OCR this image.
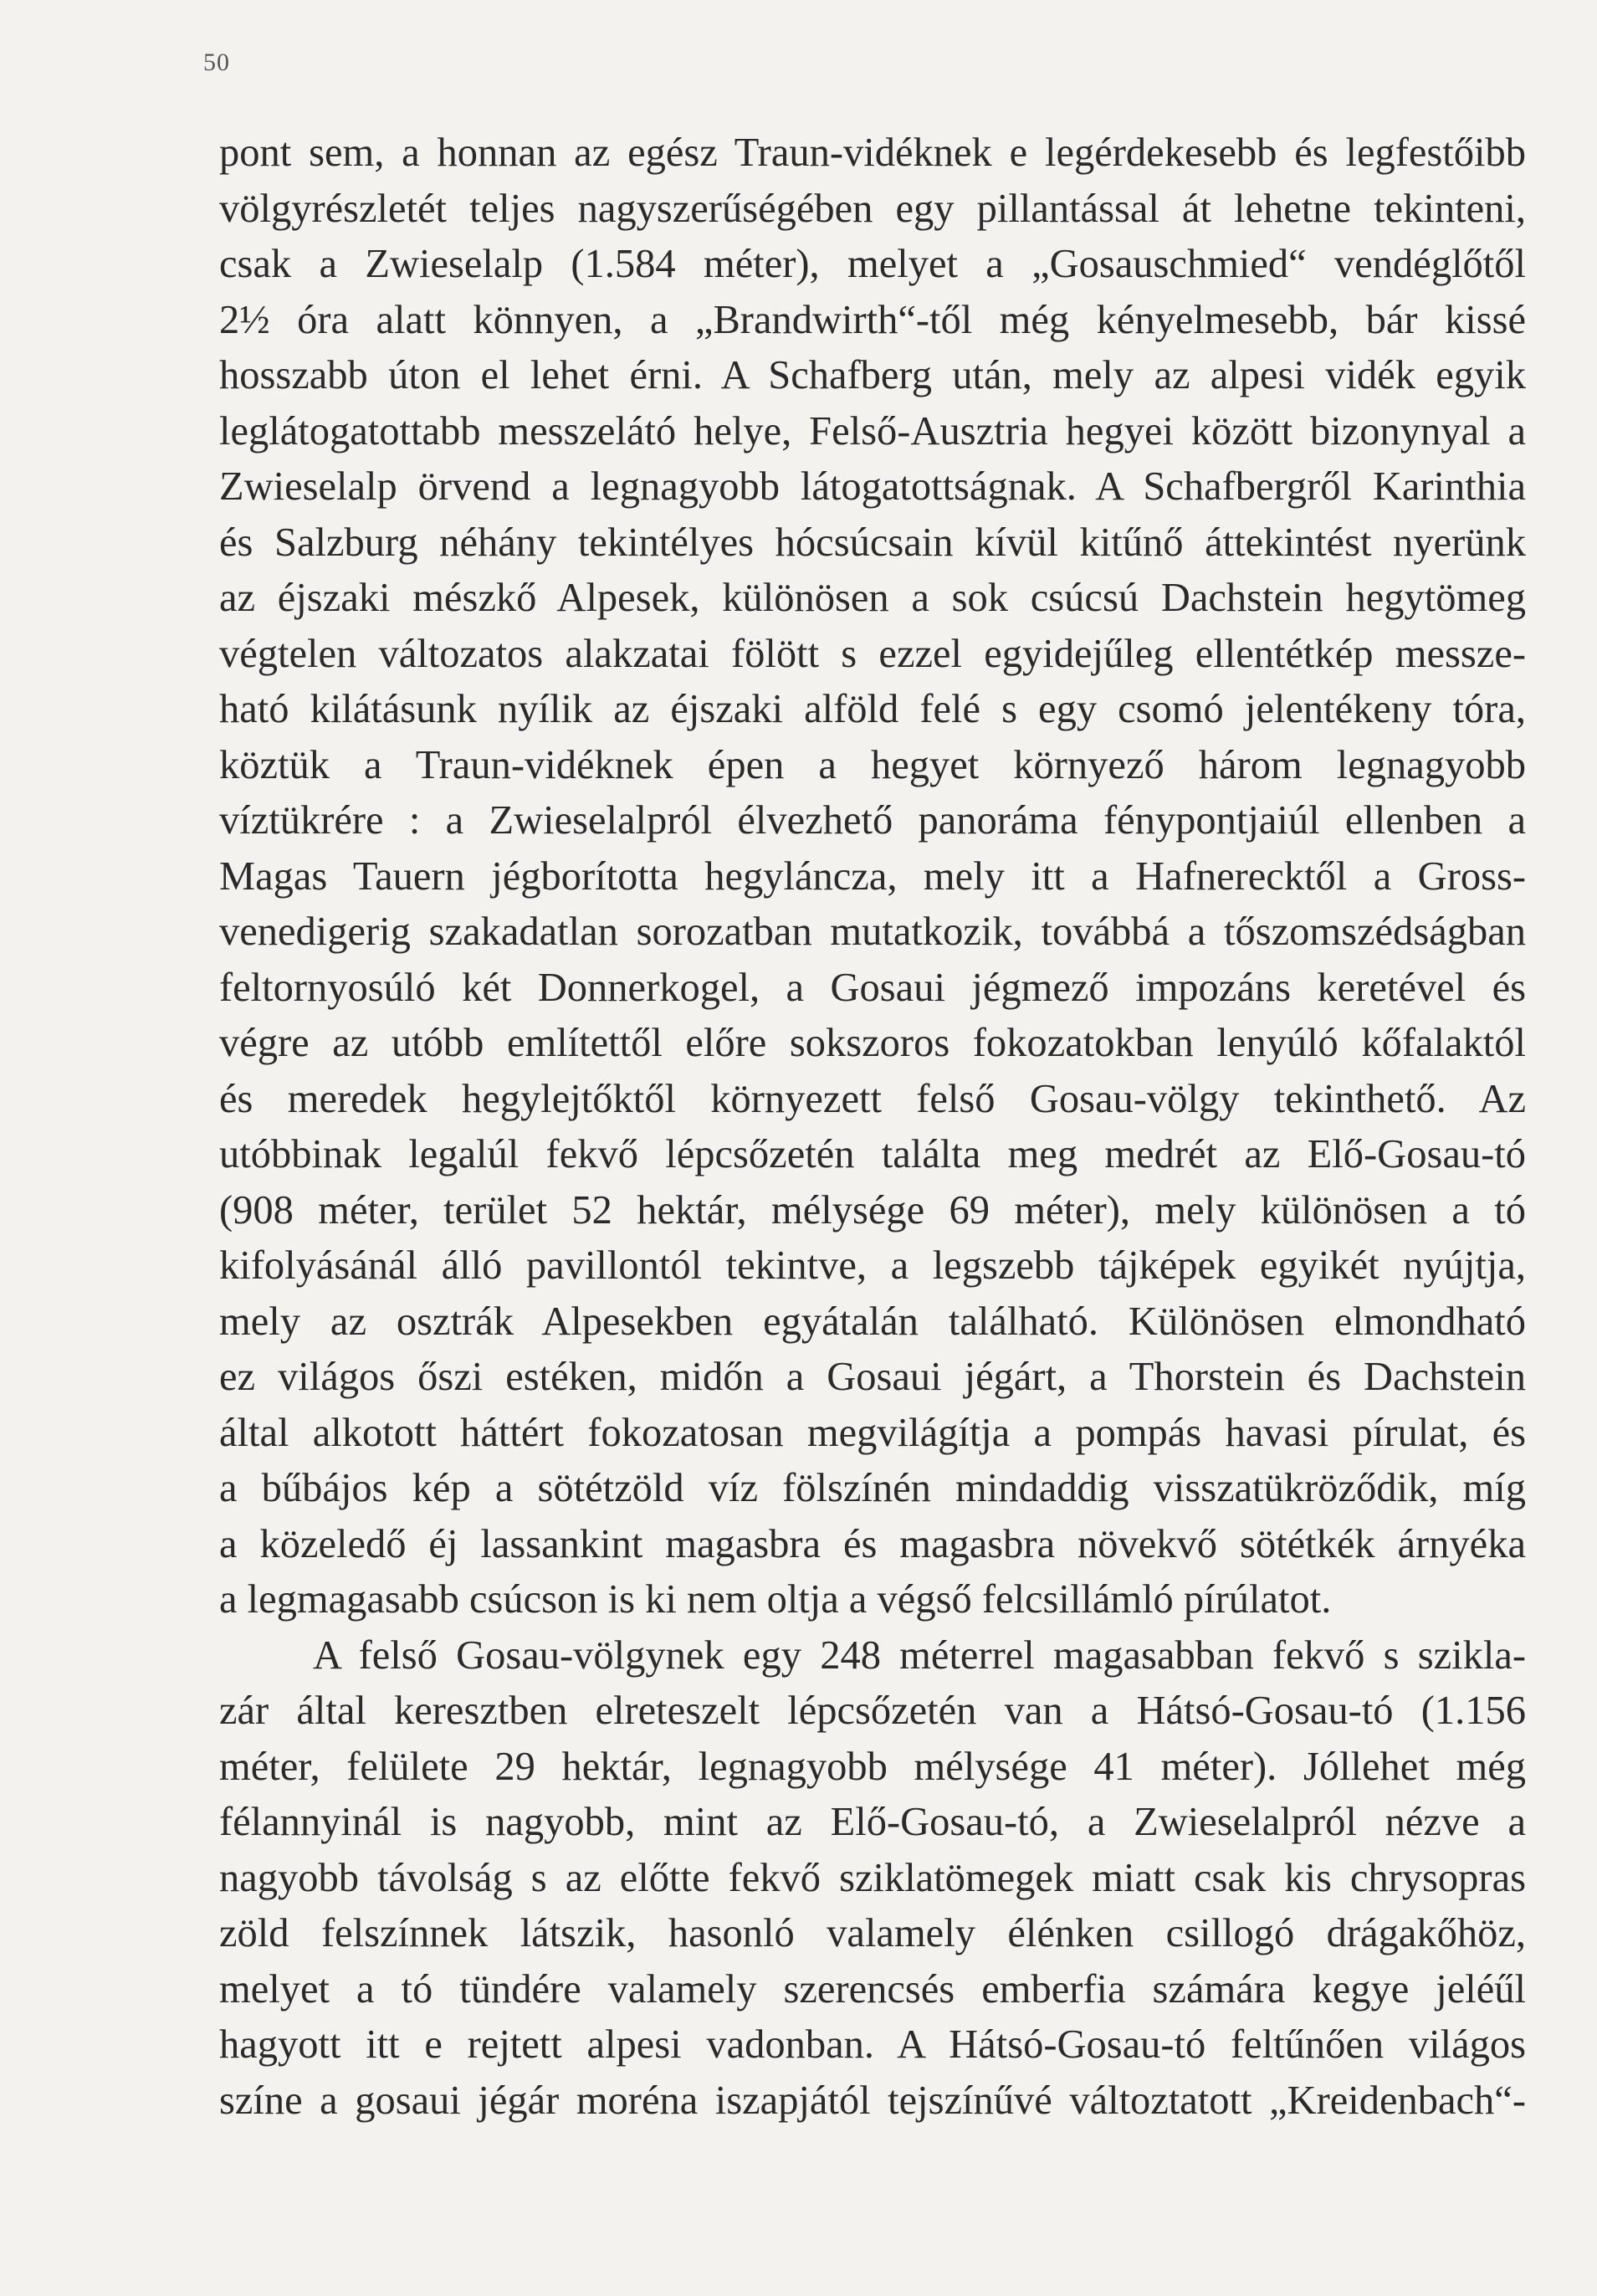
50
pont sem, a honnan az egész Traun-vidéknek e legérdekesebb és legfestőibb
völgyrészletét teljes nagyszerűségében egy pillantással át lehetne tekinteni,
csak a Zwieselalp (1.584 méter), melyet a „Gosauschmied“ vendéglőtől
2½ óra alatt könnyen, a „Brandwirth“-től még kényelmesebb, bár kissé
hosszabb úton el lehet érni. A Schafberg után, mely az alpesi vidék egyik
leglátogatottabb messzelátó helye, Felső-Ausztria hegyei között bizonynyal a
Zwieselalp örvend a legnagyobb látogatottságnak. A Schafbergről Karinthia
és Salzburg néhány tekintélyes hócsúcsain kívül kitűnő áttekintést nyerünk
az éjszaki mészkő Alpesek, különösen a sok csúcsú Dachstein hegytömeg
végtelen változatos alakzatai fölött s ezzel egyidejűleg ellentétkép messze-
ható kilátásunk nyílik az éjszaki alföld felé s egy csomó jelentékeny tóra,
köztük a Traun-vidéknek épen a hegyet környező három legnagyobb
víztükrére : a Zwieselalpról élvezhető panoráma fénypontjaiúl ellenben a
Magas Tauern jégborította hegyláncza, mely itt a Hafnerecktől a Gross-
venedigerig szakadatlan sorozatban mutatkozik, továbbá a tőszomszédságban
feltornyosúló két Donnerkogel, a Gosaui jégmező impozáns keretével és
végre az utóbb említettől előre sokszoros fokozatokban lenyúló kőfalaktól
és meredek hegylejtőktől környezett felső Gosau-völgy tekinthető. Az
utóbbinak legalúl fekvő lépcsőzetén találta meg medrét az Elő-Gosau-tó
(908 méter, terület 52 hektár, mélysége 69 méter), mely különösen a tó
kifolyásánál álló pavillontól tekintve, a legszebb tájképek egyikét nyújtja,
mely az osztrák Alpesekben egyátalán található. Különösen elmondható
ez világos őszi estéken, midőn a Gosaui jégárt, a Thorstein és Dachstein
által alkotott háttért fokozatosan megvilágítja a pompás havasi pírulat, és
a bűbájos kép a sötétzöld víz fölszínén mindaddig visszatükröződik, míg
a közeledő éj lassankint magasbra és magasbra növekvő sötétkék árnyéka
a legmagasabb csúcson is ki nem oltja a végső felcsillámló pírúlatot.
A felső Gosau-völgynek egy 248 méterrel magasabban fekvő s szikla-
zár által keresztben elreteszelt lépcsőzetén van a Hátsó-Gosau-tó (1.156
méter, felülete 29 hektár, legnagyobb mélysége 41 méter). Jóllehet még
félannyinál is nagyobb, mint az Elő-Gosau-tó, a Zwieselalpról nézve a
nagyobb távolság s az előtte fekvő sziklatömegek miatt csak kis chrysopras
zöld felszínnek látszik, hasonló valamely élénken csillogó drágakőhöz,
melyet a tó tündére valamely szerencsés emberfia számára kegye jeléűl
hagyott itt e rejtett alpesi vadonban. A Hátsó-Gosau-tó feltűnően világos
színe a gosaui jégár moréna iszapjától tejszínűvé változtatott „Kreidenbach“-
